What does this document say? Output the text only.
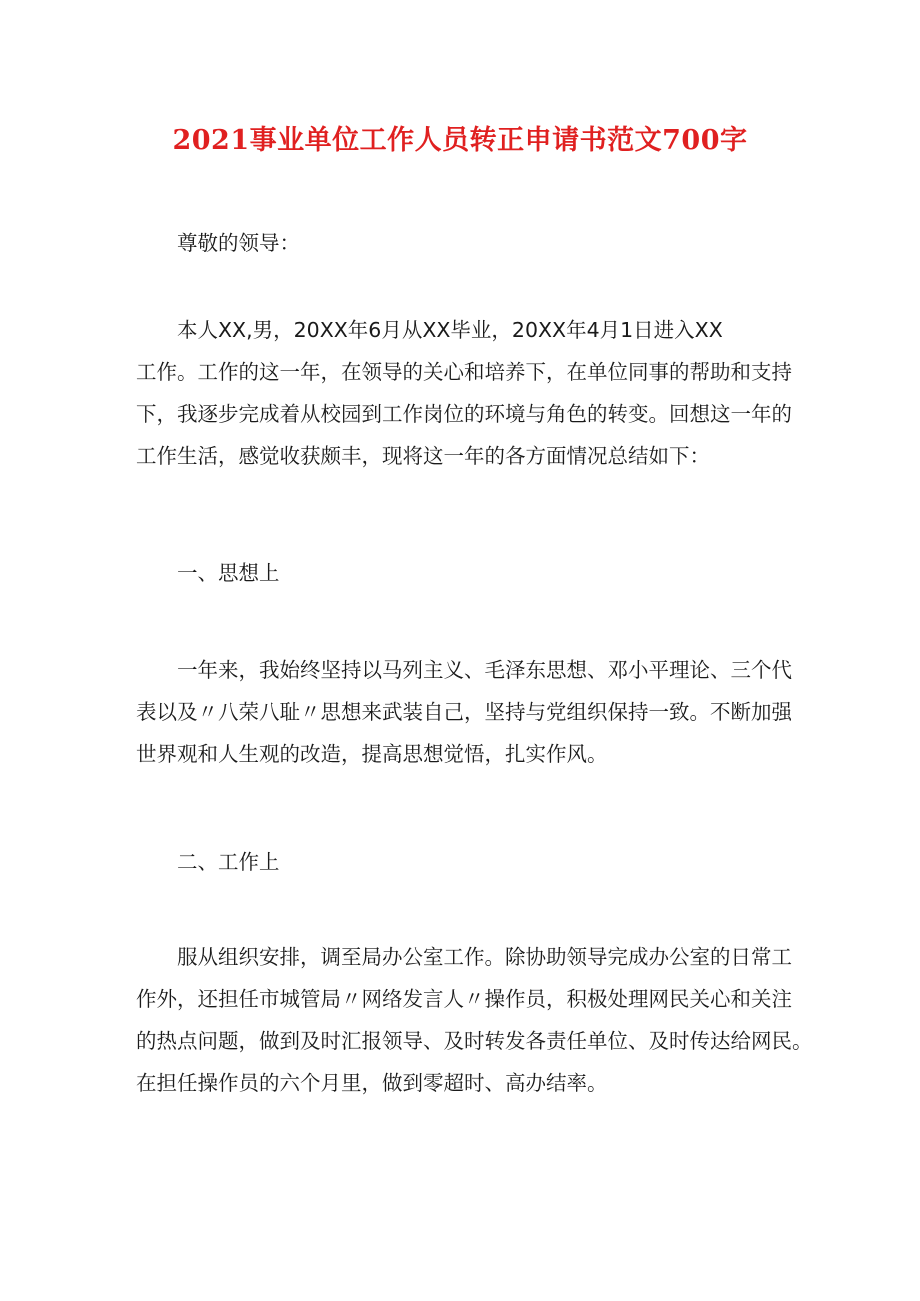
2021事业单位工作人员转正申请书范文700字

尊敬的领导：

本人XX,男，20XX年6月从XX毕业，20XX年4月1日进入XX
工作。工作的这一年，在领导的关心和培养下，在单位同事的帮助和支持
下，我逐步完成着从校园到工作岗位的环境与角色的转变。回想这一年的
工作生活，感觉收获颇丰，现将这一年的各方面情况总结如下：

一、思想上

一年来，我始终坚持以马列主义、毛泽东思想、邓小平理论、三个代
表以及〃八荣八耻〃思想来武装自己，坚持与党组织保持一致。不断加强
世界观和人生观的改造，提高思想觉悟，扎实作风。

二、工作上

服从组织安排，调至局办公室工作。除协助领导完成办公室的日常工
作外，还担任市城管局〃网络发言人〃操作员，积极处理网民关心和关注
的热点问题，做到及时汇报领导、及时转发各责任单位、及时传达给网民。
在担任操作员的六个月里，做到零超时、高办结率。
